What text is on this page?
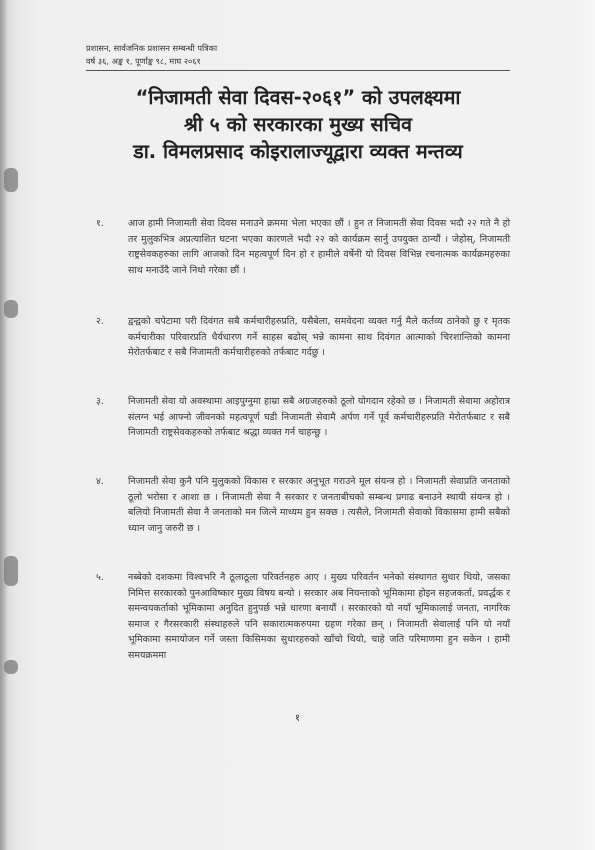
प्रशासन, सार्वजनिक प्रशासन सम्बन्धी पत्रिका
वर्ष ३६, अङ्क १, पूर्णाङ्क ९८, माघ २०६१
“निजामती सेवा दिवस-२०६१” को उपलक्ष्यमा
श्री ५ को सरकारका मुख्य सचिव
डा. विमलप्रसाद कोइरालाज्यूद्वारा व्यक्त मन्तव्य
१.	आज हामी निजामती सेवा दिवस मनाउने क्रममा भेला भएका छौं । हुन त निजामती सेवा दिवस भदौ २२ गते नै हो तर मुलुकभित्र अप्रत्याशित घटना भएका कारणले भदौ २२ को कार्यक्रम सार्नु उपयुक्त ठान्यौं । जेहोस्, निजामती राष्ट्रसेवकहरुका लागि आजको दिन महत्वपूर्ण दिन हो र हामीले वर्षेनी यो दिवस विभिन्न रचनात्मक कार्यक्रमहरुका साथ मनाउँदै जाने निधो गरेका छौं ।
२.	द्वन्द्वको चपेटामा परी दिवंगत सबै कर्मचारीहरुप्रति, यसैबेला, समवेदना व्यक्त गर्नु मैले कर्तव्य ठानेको छु र मृतक कर्मचारीका परिवारप्रति धैर्यधारण गर्ने साहस बढोस् भन्ने कामना साथ दिवंगत आत्माको चिरशान्तिको कामना मेरोतर्फबाट र सबै निजामती कर्मचारीहरुको तर्फबाट गर्दछु ।
३.	निजामती सेवा यो अवस्थामा आइपुग्नुमा हाम्रा सबै अग्रजहरुको ठूलो योगदान रहेको छ । निजामती सेवामा अहोरात्र संलग्न भई आफ्नो जीवनको महत्वपूर्ण घडी निजामती सेवामै अर्पण गर्ने पूर्व कर्मचारीहरुप्रति मेरोतर्फबाट र सबै निजामती राष्ट्रसेवकहरुको तर्फबाट श्रद्धा व्यक्त गर्न चाहन्छु ।
४.	निजामती सेवा कुनै पनि मुलुकको विकास र सरकार अनुभूत गराउने मूल संयन्त्र हो । निजामती सेवाप्रति जनताको ठूलो भरोसा र आशा छ । निजामती सेवा नै सरकार र जनताबीचको सम्बन्ध प्रगाढ बनाउने स्थायी संयन्त्र हो । बलियो निजामती सेवा नै जनताको मन जित्ने माध्यम हुन सक्छ । त्यसैले, निजामती सेवाको विकासमा हामी सबैको ध्यान जानु जरुरी छ ।
५.	नब्बेको दशकमा विश्वभरि नै ठूलाठूला परिवर्तनहरु आए । मुख्य परिवर्तन भनेको संस्थागत सुधार थियो, जसका निमित्त सरकारको पुनआविष्कार मुख्य विषय बन्यो । सरकार अब नियन्ताको भूमिकामा होइन सहजकर्ता, प्रवर्द्धक र समन्वयकर्ताको भूमिकामा अनुदित हुनुपर्छ भन्ने धारणा बनायौं । सरकारको यो नयाँ भूमिकालाई जनता, नागरिक समाज र गैरसरकारी संस्थाहरुले पनि सकारात्मकरुपमा ग्रहण गरेका छन् । निजामती सेवालाई पनि यो नयाँ भूमिकामा समायोजन गर्ने जस्ता किसिमका सुधारहरुको खाँचो थियो, चाहे जति परिमाणमा हुन सकेन । हामी समयक्रममा
१
